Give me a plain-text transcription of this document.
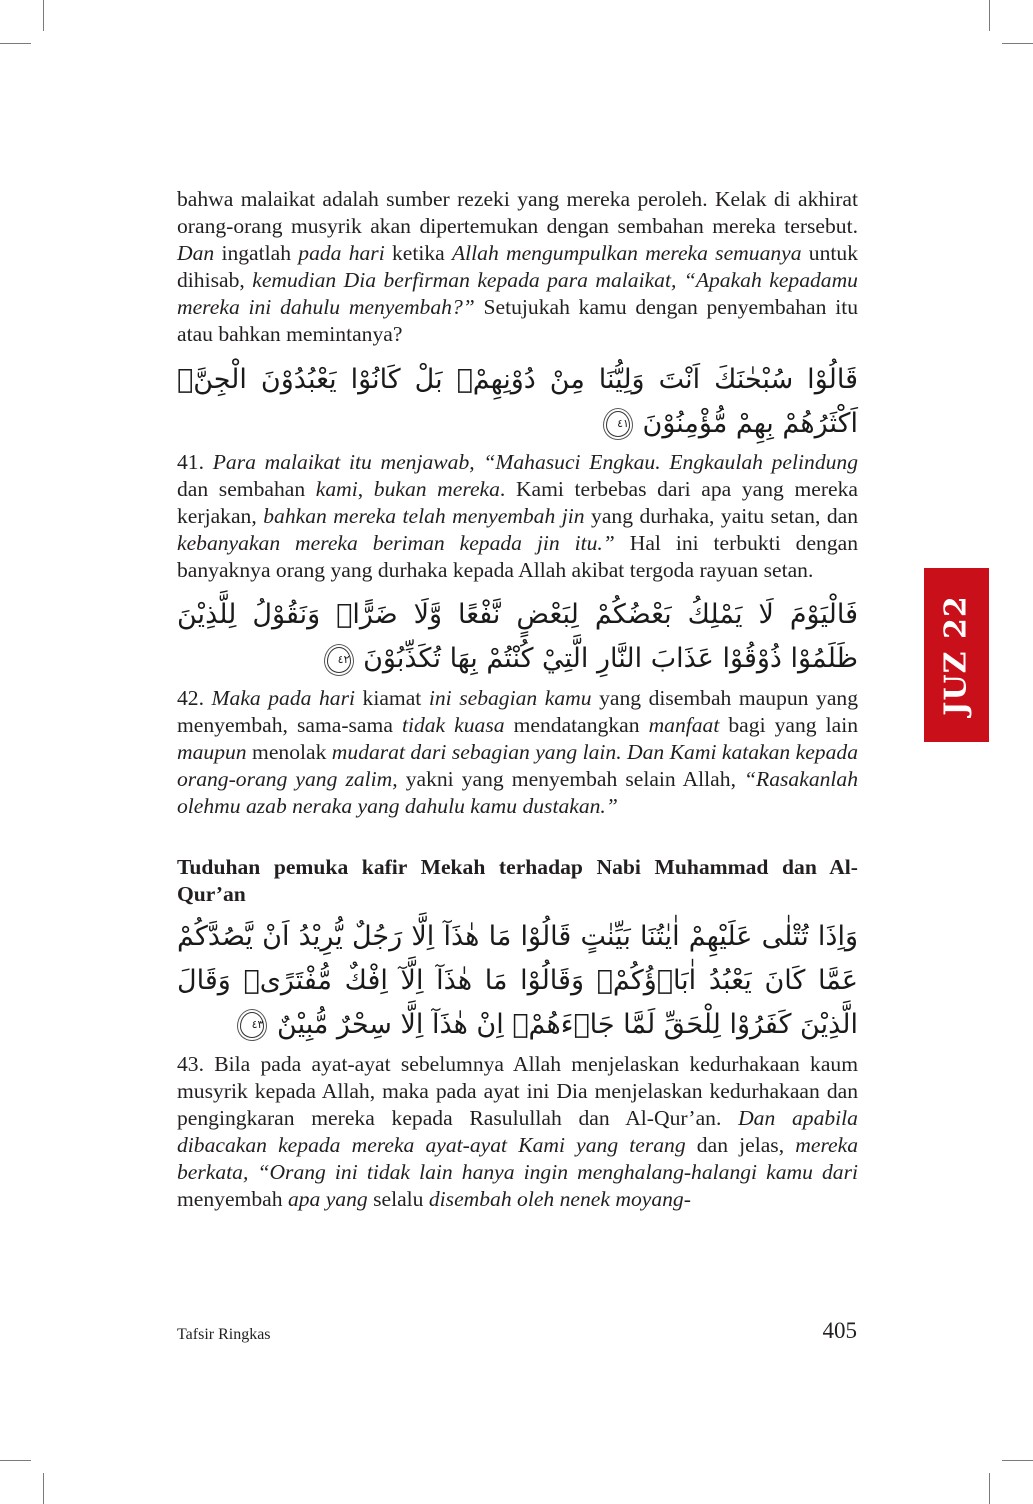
bahwa malaikat adalah sumber rezeki yang mereka peroleh. Kelak di akhirat orang-orang musyrik akan dipertemukan dengan sembahan mereka tersebut. Dan ingatlah pada hari ketika Allah mengumpulkan mereka semuanya untuk dihisab, kemudian Dia berfirman kepada para malaikat, “Apakah kepadamu mereka ini dahulu menyembah?” Setujukah kamu dengan penyembahan itu atau bahkan memintanya?

قَالُوْا سُبْحٰنَكَ اَنْتَ وَلِيُّنَا مِنْ دُوْنِهِمْۚ بَلْ كَانُوْا يَعْبُدُوْنَ الْجِنَّۚ اَكْثَرُهُمْ بِهِمْ مُّؤْمِنُوْنَ ٤١

41. Para malaikat itu menjawab, “Mahasuci Engkau. Engkaulah pelindung dan sembahan kami, bukan mereka. Kami terbebas dari apa yang mereka kerjakan, bahkan mereka telah menyembah jin yang durhaka, yaitu setan, dan kebanyakan mereka beriman kepada jin itu.” Hal ini terbukti dengan banyaknya orang yang durhaka kepada Allah akibat tergoda rayuan setan.

فَالْيَوْمَ لَا يَمْلِكُ بَعْضُكُمْ لِبَعْضٍ نَّفْعًا وَّلَا ضَرًّاۗ وَنَقُوْلُ لِلَّذِيْنَ ظَلَمُوْا ذُوْقُوْا عَذَابَ النَّارِ الَّتِيْ كُنْتُمْ بِهَا تُكَذِّبُوْنَ ٤٢

42. Maka pada hari kiamat ini sebagian kamu yang disembah maupun yang menyembah, sama-sama tidak kuasa mendatangkan manfaat bagi yang lain maupun menolak mudarat dari sebagian yang lain. Dan Kami katakan kepada orang-orang yang zalim, yakni yang menyembah selain Allah, “Rasakanlah olehmu azab neraka yang dahulu kamu dustakan.”

Tuduhan pemuka kafir Mekah terhadap Nabi Muhammad dan Al-Qur’an

وَاِذَا تُتْلٰى عَلَيْهِمْ اٰيٰتُنَا بَيِّنٰتٍ قَالُوْا مَا هٰذَآ اِلَّا رَجُلٌ يُّرِيْدُ اَنْ يَّصُدَّكُمْ عَمَّا كَانَ يَعْبُدُ اٰبَاۤؤُكُمْۚ وَقَالُوْا مَا هٰذَآ اِلَّآ اِفْكٌ مُّفْتَرًىۗ وَقَالَ الَّذِيْنَ كَفَرُوْا لِلْحَقِّ لَمَّا جَاۤءَهُمْۙ اِنْ هٰذَآ اِلَّا سِحْرٌ مُّبِيْنٌ ٤٣

43. Bila pada ayat-ayat sebelumnya Allah menjelaskan kedurhakaan kaum musyrik kepada Allah, maka pada ayat ini Dia menjelaskan kedurhakaan dan pengingkaran mereka kepada Rasulullah dan Al-Qur’an. Dan apabila dibacakan kepada mereka ayat-ayat Kami yang terang dan jelas, mereka berkata, “Orang ini tidak lain hanya ingin menghalang-halangi kamu dari menyembah apa yang selalu disembah oleh nenek moyang-

JUZ 22
Tafsir Ringkas	405
